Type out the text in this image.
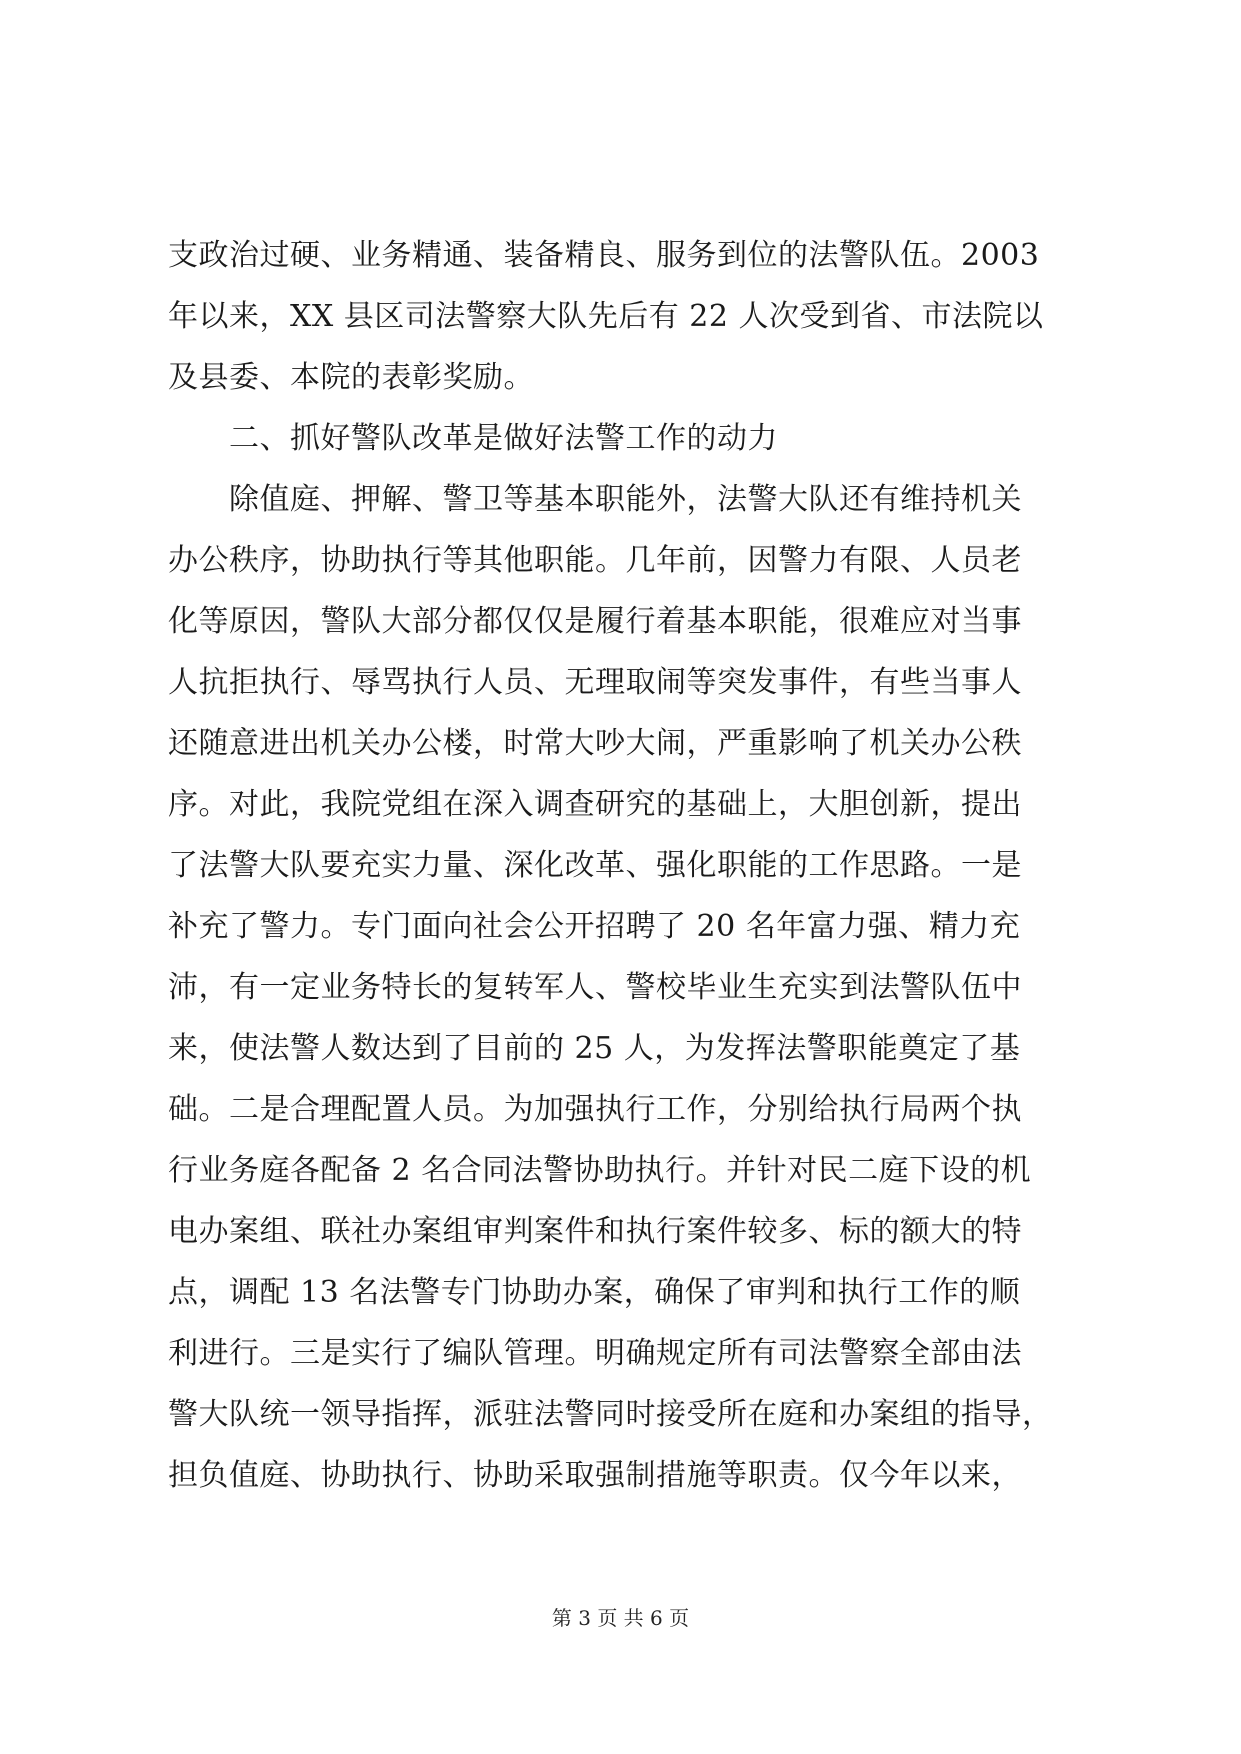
支政治过硬、业务精通、装备精良、服务到位的法警队伍。2003
年以来，XX 县区司法警察大队先后有 22 人次受到省、市法院以
及县委、本院的表彰奖励。
　　二、抓好警队改革是做好法警工作的动力
　　除值庭、押解、警卫等基本职能外，法警大队还有维持机关
办公秩序，协助执行等其他职能。几年前，因警力有限、人员老
化等原因，警队大部分都仅仅是履行着基本职能，很难应对当事
人抗拒执行、辱骂执行人员、无理取闹等突发事件，有些当事人
还随意进出机关办公楼，时常大吵大闹，严重影响了机关办公秩
序。对此，我院党组在深入调查研究的基础上，大胆创新，提出
了法警大队要充实力量、深化改革、强化职能的工作思路。一是
补充了警力。专门面向社会公开招聘了 20 名年富力强、精力充
沛，有一定业务特长的复转军人、警校毕业生充实到法警队伍中
来，使法警人数达到了目前的 25 人，为发挥法警职能奠定了基
础。二是合理配置人员。为加强执行工作，分别给执行局两个执
行业务庭各配备 2 名合同法警协助执行。并针对民二庭下设的机
电办案组、联社办案组审判案件和执行案件较多、标的额大的特
点，调配 13 名法警专门协助办案，确保了审判和执行工作的顺
利进行。三是实行了编队管理。明确规定所有司法警察全部由法
警大队统一领导指挥，派驻法警同时接受所在庭和办案组的指导，
担负值庭、协助执行、协助采取强制措施等职责。仅今年以来，
第 3 页 共 6 页
